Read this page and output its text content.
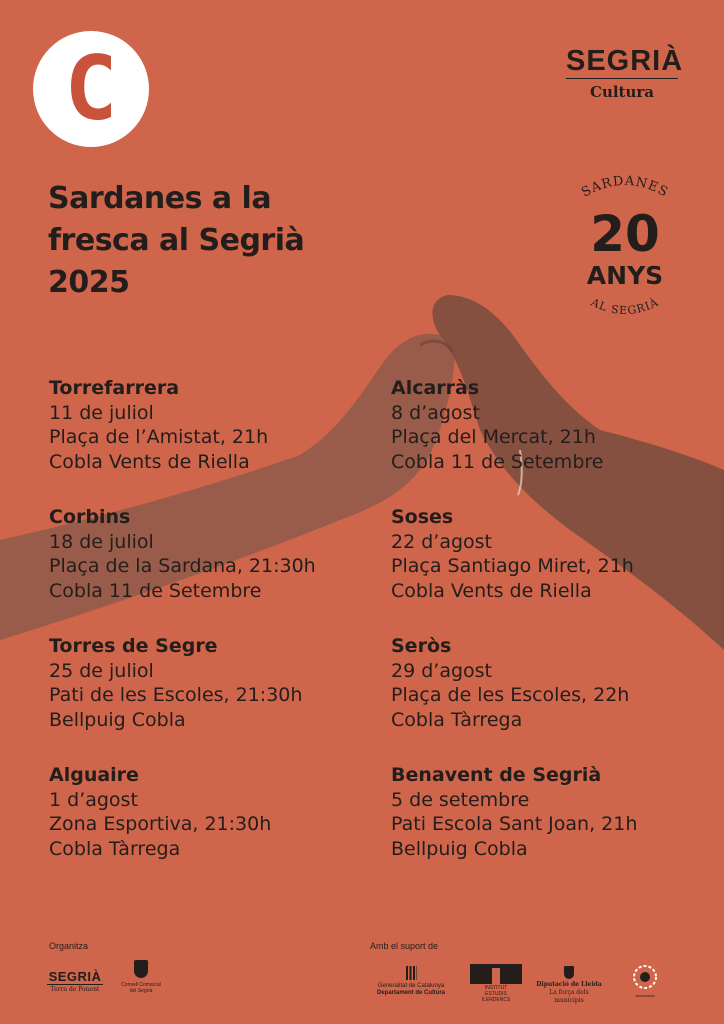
C	SEGRIÀ
Cultura
Sardanes a la
fresca al Segrià
2025
SARDANES
AL SEGRIÀ
20
ANYS
Torrefarrera
11 de juliol
Plaça de l’Amistat, 21h
Cobla Vents de Riella
Corbins
18 de juliol
Plaça de la Sardana, 21:30h
Cobla 11 de Setembre
Torres de Segre
25 de juliol
Pati de les Escoles, 21:30h
Bellpuig Cobla
Alguaire
1 d’agost
Zona Esportiva, 21:30h
Cobla Tàrrega
Alcarràs
8 d’agost
Plaça del Mercat, 21h
Cobla 11 de Setembre
Soses
22 d’agost
Plaça Santiago Miret, 21h
Cobla Vents de Riella
Seròs
29 d’agost
Plaça de les Escoles, 22h
Cobla Tàrrega
Benavent de Segrià
5 de setembre
Pati Escola Sant Joan, 21h
Bellpuig Cobla
Organitza	Amb el suport de
SEGRIÀ
Terra de Ponent
Consell Comarcal del Segrià
Generalitat de Catalunya
Departament de Cultura
INSTITUT
ESTUDIS
ILERDENCS
Diputació de Lleida
La força dels municipis
Associació
